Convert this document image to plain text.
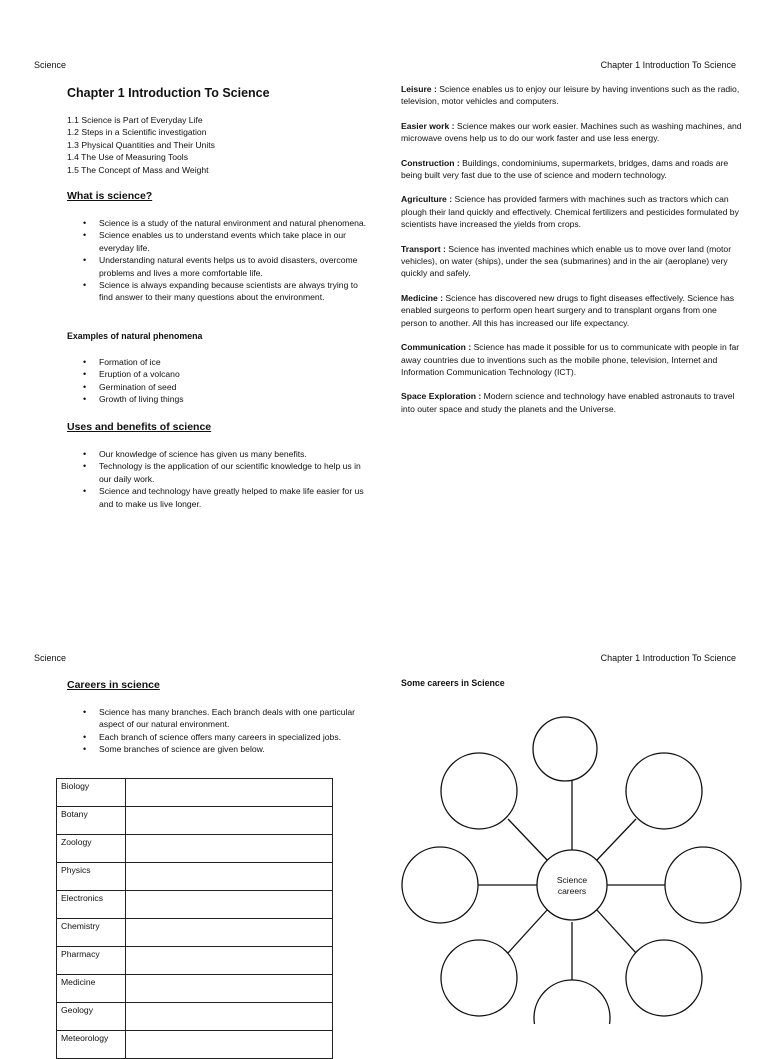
Science	Chapter 1 Introduction To Science
Chapter 1 Introduction To Science
1.1 Science is Part of Everyday Life
1.2 Steps in a Scientific investigation
1.3 Physical Quantities and Their Units
1.4 The Use of Measuring Tools
1.5 The Concept of Mass and Weight
What is science?
• Science is a study of the natural environment and natural phenomena.
• Science enables us to understand events which take place in our everyday life.
• Understanding natural events helps us to avoid disasters, overcome problems and lives a more comfortable life.
• Science is always expanding because scientists are always trying to find answer to their many questions about the environment.
Examples of natural phenomena
• Formation of ice
• Eruption of a volcano
• Germination of seed
• Growth of living things
Uses and benefits of science
• Our knowledge of science has given us many benefits.
• Technology is the application of our scientific knowledge to help us in our daily work.
• Science and technology have greatly helped to make life easier for us and to make us live longer.

Leisure : Science enables us to enjoy our leisure by having inventions such as the radio, television, motor vehicles and computers.

Easier work : Science makes our work easier. Machines such as washing machines, and microwave ovens help us to do our work faster and use less energy.

Construction : Buildings, condominiums, supermarkets, bridges, dams and roads are being built very fast due to the use of science and modern technology.

Agriculture : Science has provided farmers with machines such as tractors which can plough their land quickly and effectively. Chemical fertilizers and pesticides formulated by scientists have increased the yields from crops.

Transport : Science has invented machines which enable us to move over land (motor vehicles), on water (ships), under the sea (submarines) and in the air (aeroplane) very quickly and safely.

Medicine : Science has discovered new drugs to fight diseases effectively. Science has enabled surgeons to perform open heart surgery and to transplant organs from one person to another. All this has increased our life expectancy.

Communication : Science has made it possible for us to communicate with people in far away countries due to inventions such as the mobile phone, television, Internet and Information Communication Technology (ICT).

Space Exploration : Modern science and technology have enabled astronauts to travel into outer space and study the planets and the Universe.

Science	Chapter 1 Introduction To Science
Careers in science
• Science has many branches. Each branch deals with one particular aspect of our natural environment.
• Each branch of science offers many careers in specialized jobs.
• Some branches of science are given below.
Biology	
Botany	
Zoology	
Physics	
Electronics	
Chemistry	
Pharmacy	
Medicine	
Geology	
Meteorology	
Some careers in Science
Science
careers
